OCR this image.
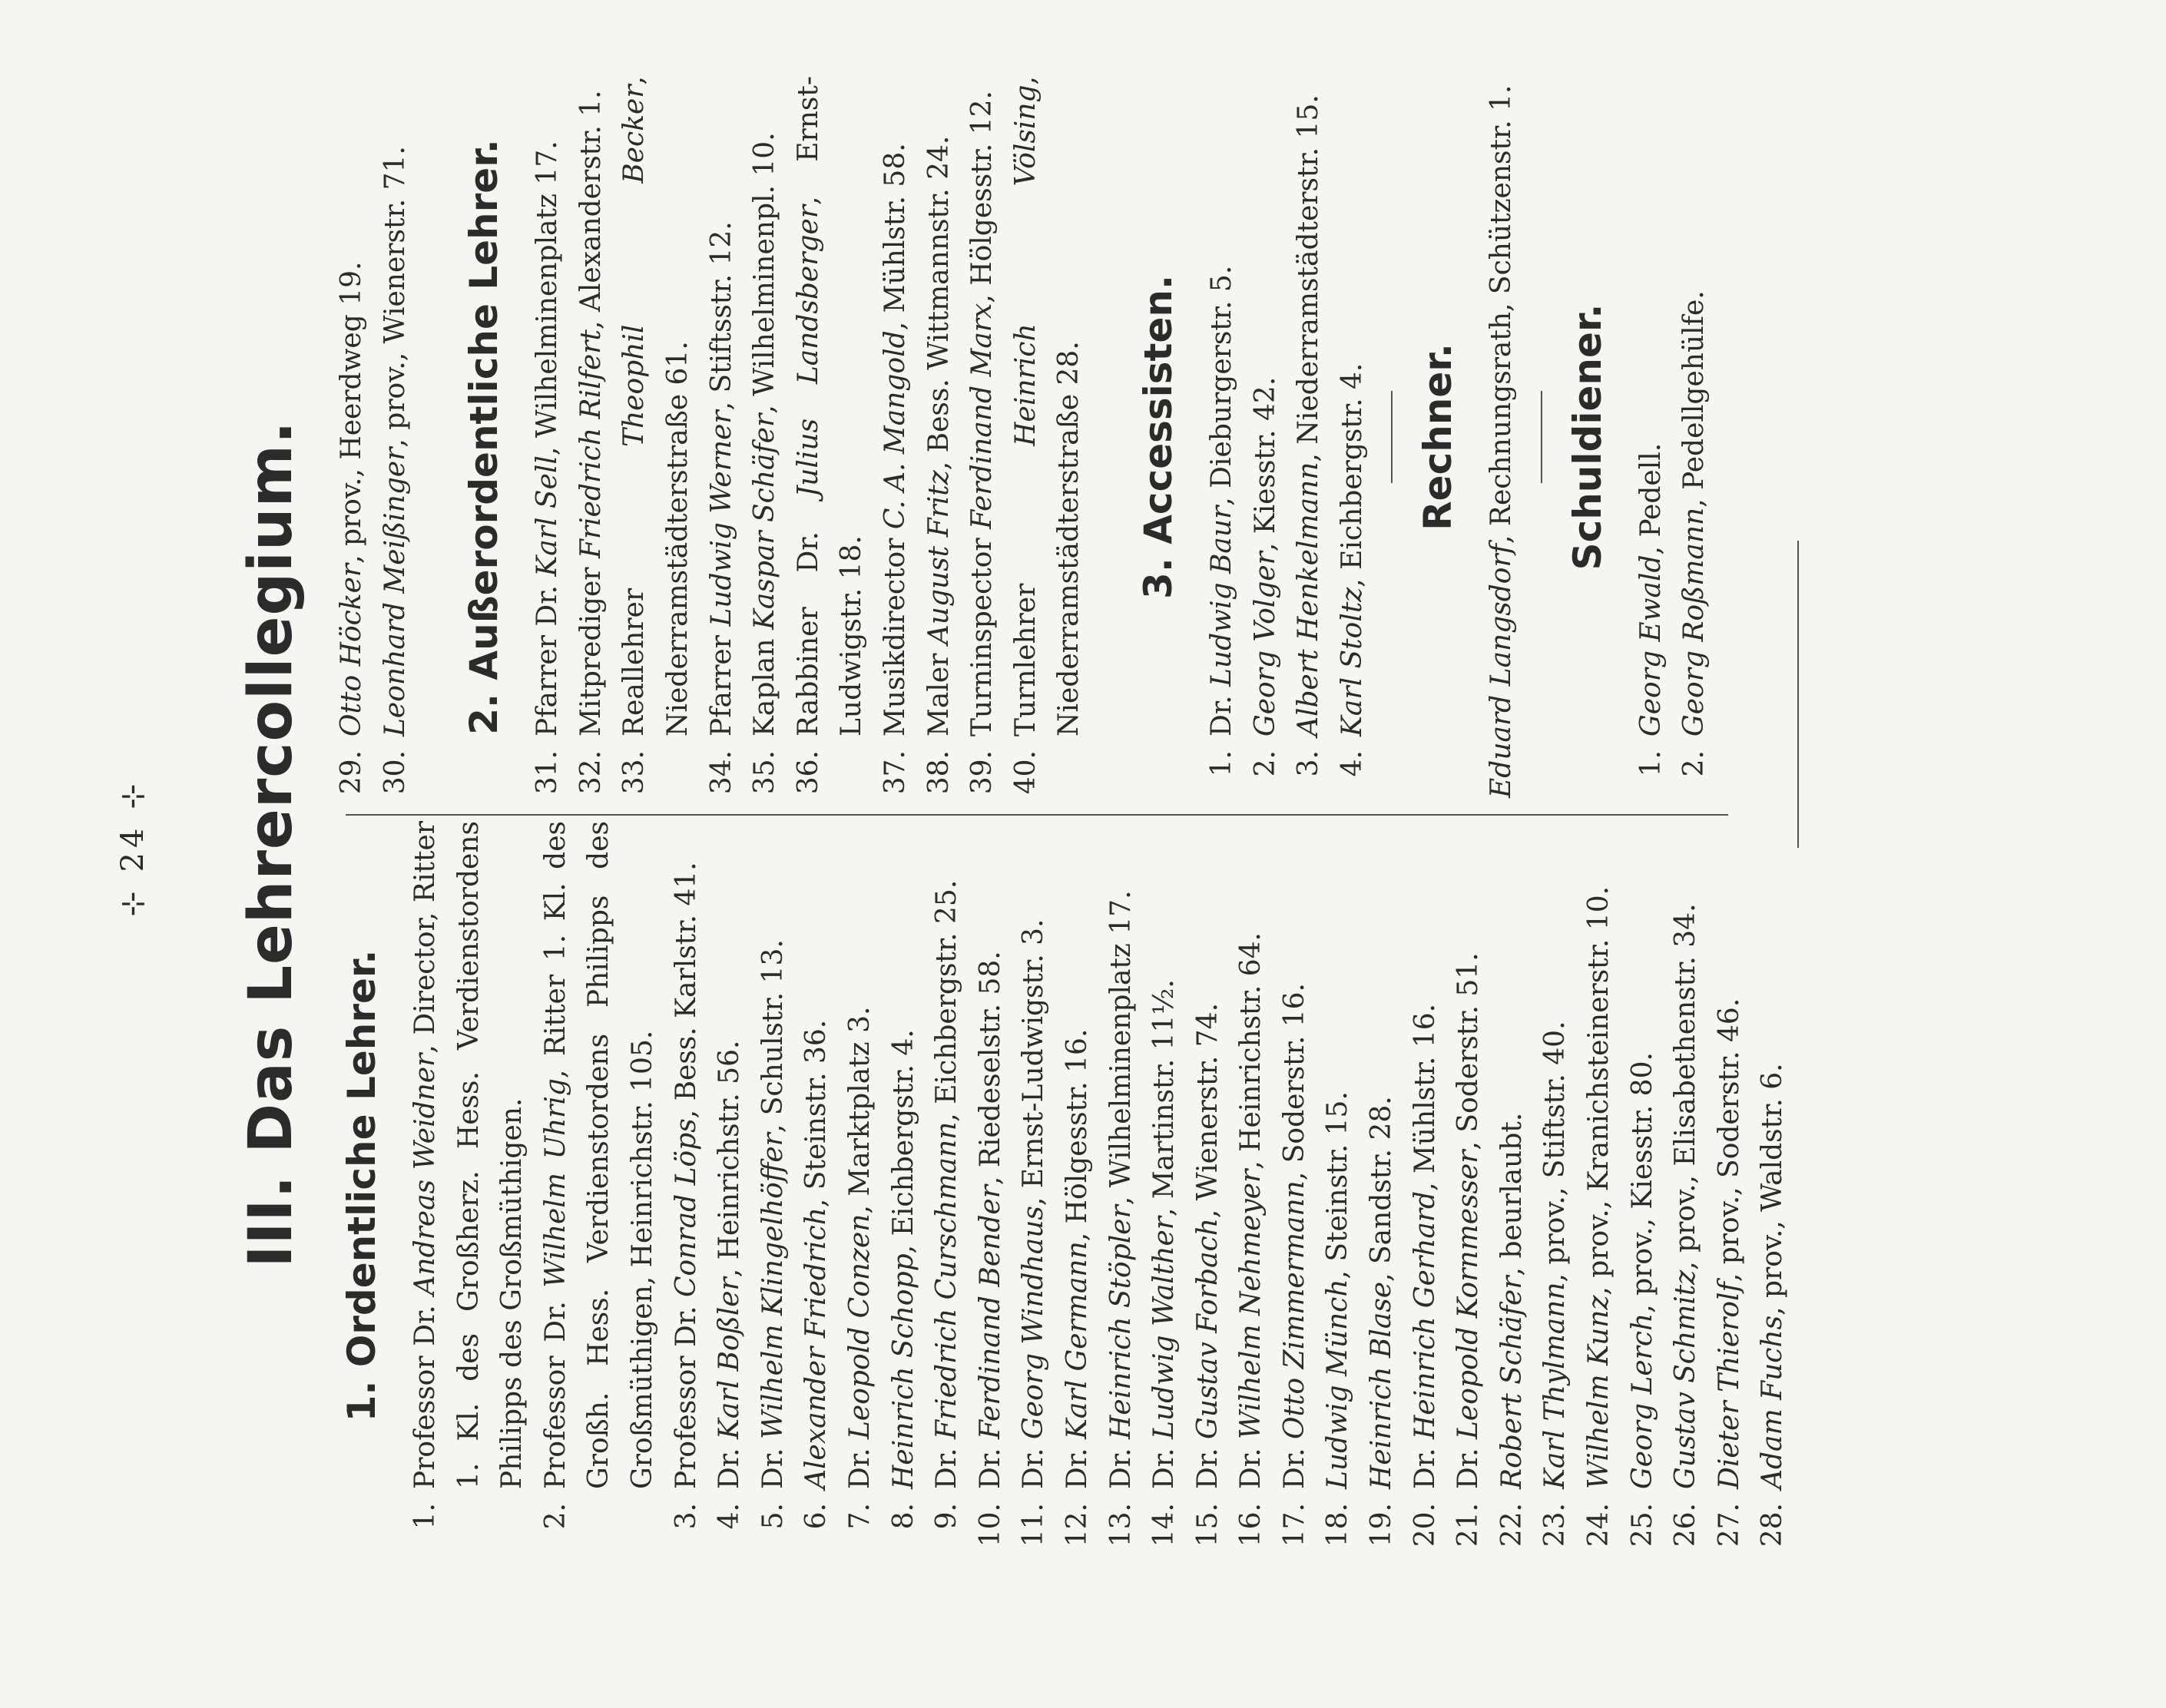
⊹ 24 ⊹ III. Das Lehrercollegium. 1. Ordentliche Lehrer.
1.
Professor Dr. Andreas Weidner, Director, Ritter 1. Kl. des Großherz. Hess. Verdienstordens Philipps des Großmüthigen.
2.
Professor Dr. Wilhelm Uhrig, Ritter 1. Kl. des Großh. Hess. Verdienstordens Philipps des Großmüthigen, Heinrichstr. 105.
3.
Professor Dr. Conrad Löps, Bess. Karlstr. 41.
4.
Dr. Karl Boßler, Heinrichstr. 56.
5.
Dr. Wilhelm Klingelhöffer, Schulstr. 13.
6.
Alexander Friedrich, Steinstr. 36.
7.
Dr. Leopold Conzen, Marktplatz 3.
8.
Heinrich Schopp, Eichbergstr. 4.
9.
Dr. Friedrich Curschmann, Eichbergstr. 25.
10.
Dr. Ferdinand Bender, Riedeselstr. 58.
11.
Dr. Georg Windhaus, Ernst-Ludwigstr. 3.
12.
Dr. Karl Germann, Hölgesstr. 16.
13.
Dr. Heinrich Stöpler, Wilhelminenplatz 17.
14.
Dr. Ludwig Walther, Martinstr. 11½.
15.
Dr. Gustav Forbach, Wienerstr. 74.
16.
Dr. Wilhelm Nehmeyer, Heinrichstr. 64.
17.
Dr. Otto Zimmermann, Soderstr. 16.
18.
Ludwig Münch, Steinstr. 15.
19.
Heinrich Blase, Sandstr. 28.
20.
Dr. Heinrich Gerhard, Mühlstr. 16.
21.
Dr. Leopold Kornmesser, Soderstr. 51.
22.
Robert Schäfer, beurlaubt.
23.
Karl Thylmann, prov., Stiftstr. 40.
24.
Wilhelm Kunz, prov., Kranichsteinerstr. 10.
25.
Georg Lerch, prov., Kiesstr. 80.
26.
Gustav Schmitz, prov., Elisabethenstr. 34.
27.
Dieter Thierolf, prov., Soderstr. 46.
28.
Adam Fuchs, prov., Waldstr. 6.
29.
Otto Höcker, prov., Heerdweg 19.
30.
Leonhard Meißinger, prov., Wienerstr. 71. 2. Außerordentliche Lehrer.
31.
Pfarrer Dr. Karl Sell, Wilhelminenplatz 17.
32.
Mitprediger Friedrich Rilfert, Alexanderstr. 1.
33.
Reallehrer Theophil Becker, Niederramstädterstraße 61.
34.
Pfarrer Ludwig Werner, Stiftsstr. 12.
35.
Kaplan Kaspar Schäfer, Wilhelminenpl. 10.
36.
Rabbiner Dr. Julius Landsberger, Ernst-Ludwigstr. 18.
37.
Musikdirector C. A. Mangold, Mühlstr. 58.
38.
Maler August Fritz, Bess. Wittmannstr. 24.
39.
Turninspector Ferdinand Marx, Hölgesstr. 12.
40.
Turnlehrer Heinrich Völsing, Niederramstädterstraße 28. 3. Accessisten.
1.
Dr. Ludwig Baur, Dieburgerstr. 5.
2.
Georg Volger, Kiesstr. 42.
3.
Albert Henkelmann, Niederramstädterstr. 15.
4.
Karl Stoltz, Eichbergstr. 4. Rechner.
Eduard Langsdorf, Rechnungsrath, Schützenstr. 1. Schuldiener.
1.
Georg Ewald, Pedell.
2.
Georg Roßmann, Pedellgehülfe.
